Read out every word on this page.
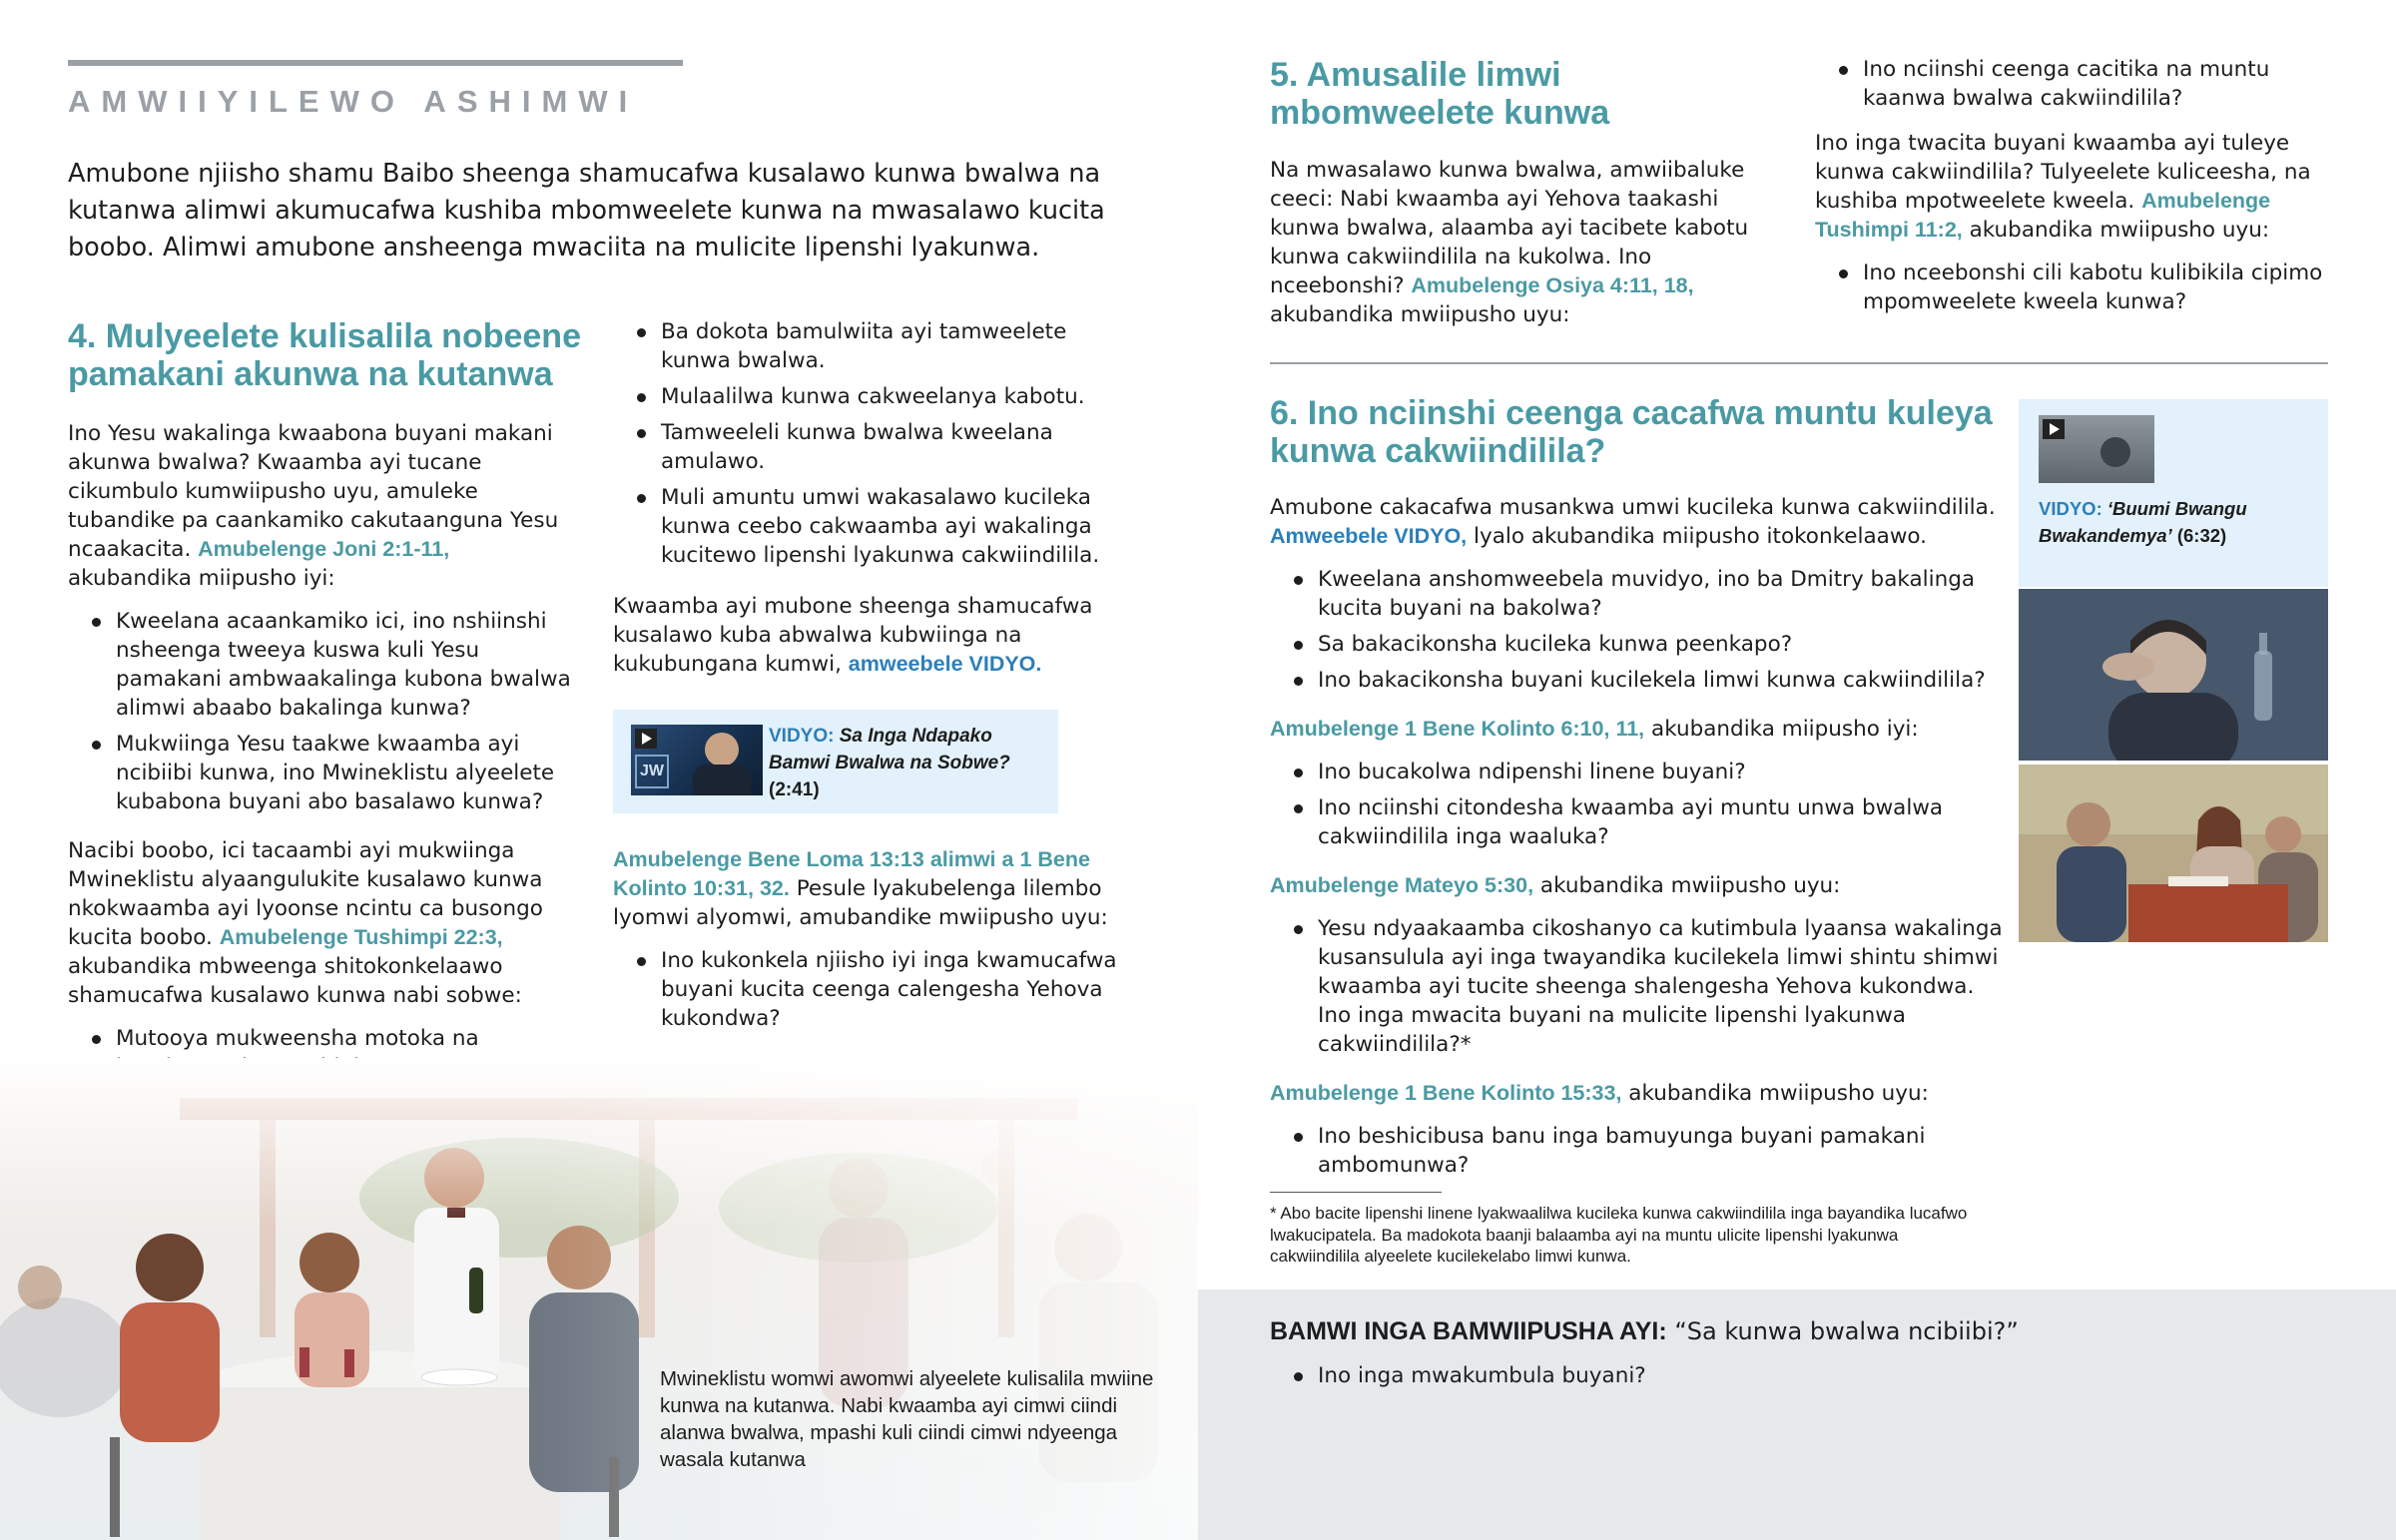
AMWIIYILEWO ASHIMWI

Amubone njiisho shamu Baibo sheenga shamucafwa kusalawo kunwa bwalwa na kutanwa alimwi akumucafwa kushiba mbomweelete kunwa na mwasalawo kucita boobo. Alimwi amubone ansheenga mwaciita na mulicite lipenshi lyakunwa.

4. Mulyeelete kulisalila nobeene pamakani akunwa na kutanwa

Ino Yesu wakalinga kwaabona buyani makani akunwa bwalwa? Kwaamba ayi tucane cikumbulo kumwiipusho uyu, amuleke tubandike pa caankamiko cakutaanguna Yesu ncaakacita. Amubelenge Joni 2:1-11, akubandika miipusho iyi:

Kweelana acaankamiko ici, ino nshiinshi nsheenga tweeya kuswa kuli Yesu pamakani ambwaakalinga kubona bwalwa alimwi abaabo bakalinga kunwa?
Mukwiinga Yesu taakwe kwaamba ayi ncibiibi kunwa, ino Mwineklistu alyeelete kubabona buyani abo basalawo kunwa?

Nacibi boobo, ici tacaambi ayi mukwiinga Mwineklistu alyaangulukite kusalawo kunwa nkokwaamba ayi lyoonse ncintu ca busongo kucita boobo. Amubelenge Tushimpi 22:3, akubandika mbweenga shitokonkelaawo shamucafwa kusalawo kunwa nabi sobwe:

Mutooya mukweensha motoka na
Ba dokota bamulwiita ayi tamweelete kunwa bwalwa.
Mulaalilwa kunwa cakweelanya kabotu.
Tamweeleli kunwa bwalwa kweelana amulawo.
Muli amuntu umwi wakasalawo kucileka kunwa ceebo cakwaamba ayi wakalinga kucitewo lipenshi lyakunwa cakwiindilila.

Kwaamba ayi mubone sheenga shamucafwa kusalawo kuba abwalwa kubwiinga na kukubungana kumwi, amweebele VIDYO.

JW
VIDYO: Sa Inga Ndapako Bamwi Bwalwa na Sobwe? (2:41)

Amubelenge Bene Loma 13:13 alimwi a 1 Bene Kolinto 10:31, 32. Pesule lyakubelenga lilembo lyomwi alyomwi, amubandike mwiipusho uyu:

Ino kukonkela njiisho iyi inga kwamucafwa buyani kucita ceenga calengesha Yehova kukondwa?

Mwineklistu womwi awomwi alyeelete kulisalila mwiine kunwa na kutanwa. Nabi kwaamba ayi cimwi ciindi alanwa bwalwa, mpashi kuli ciindi cimwi ndyeenga wasala kutanwa

5. Amusalile limwi mbomweelete kunwa

Na mwasalawo kunwa bwalwa, amwiibaluke ceeci: Nabi kwaamba ayi Yehova taakashi kunwa bwalwa, alaamba ayi tacibete kabotu kunwa cakwiindilila na kukolwa. Ino nceebonshi? Amubelenge Osiya 4:11, 18, akubandika mwiipusho uyu:

Ino nciinshi ceenga cacitika na muntu kaanwa bwalwa cakwiindilila?

Ino inga twacita buyani kwaamba ayi tuleye kunwa cakwiindilila? Tulyeelete kuliceesha, na kushiba mpotweelete kweela. Amubelenge Tushimpi 11:2, akubandika mwiipusho uyu:

Ino nceebonshi cili kabotu kulibikila cipimo mpomweelete kweela kunwa?
6. Ino nciinshi ceenga cacafwa muntu kuleya kunwa cakwiindilila?

Amubone cakacafwa musankwa umwi kucileka kunwa cakwiindilila. Amweebele VIDYO, lyalo akubandika miipusho itokonkelaawo.

Kweelana anshomweebela muvidyo, ino ba Dmitry bakalinga kucita buyani na bakolwa?
Sa bakacikonsha kucileka kunwa peenkapo?
Ino bakacikonsha buyani kucilekela limwi kunwa cakwiindilila?

Amubelenge 1 Bene Kolinto 6:10, 11, akubandika miipusho iyi:

Ino bucakolwa ndipenshi linene buyani?
Ino nciinshi citondesha kwaamba ayi muntu unwa bwalwa cakwiindilila inga waaluka?

Amubelenge Mateyo 5:30, akubandika mwiipusho uyu:

Yesu ndyaakaamba cikoshanyo ca kutimbula lyaansa wakalinga kusansulula ayi inga twayandika kucilekela limwi shintu shimwi kwaamba ayi tucite sheenga shalengesha Yehova kukondwa. Ino inga mwacita buyani na mulicite lipenshi lyakunwa cakwiindilila?*

Amubelenge 1 Bene Kolinto 15:33, akubandika mwiipusho uyu:

Ino beshicibusa banu inga bamuyunga buyani pamakani ambomunwa?

* Abo bacite lipenshi linene lyakwaalilwa kucileka kunwa cakwiindilila inga bayandika lucafwo lwakucipatela. Ba madokota baanji balaamba ayi na muntu ulicite lipenshi lyakunwa cakwiindilila alyeelete kucilekelabo limwi kunwa.

VIDYO: ‘Buumi Bwangu Bwakandemya’ (6:32)

BAMWI INGA BAMWIIPUSHA AYI: “Sa kunwa bwalwa ncibiibi?”

Ino inga mwakumbula buyani?
